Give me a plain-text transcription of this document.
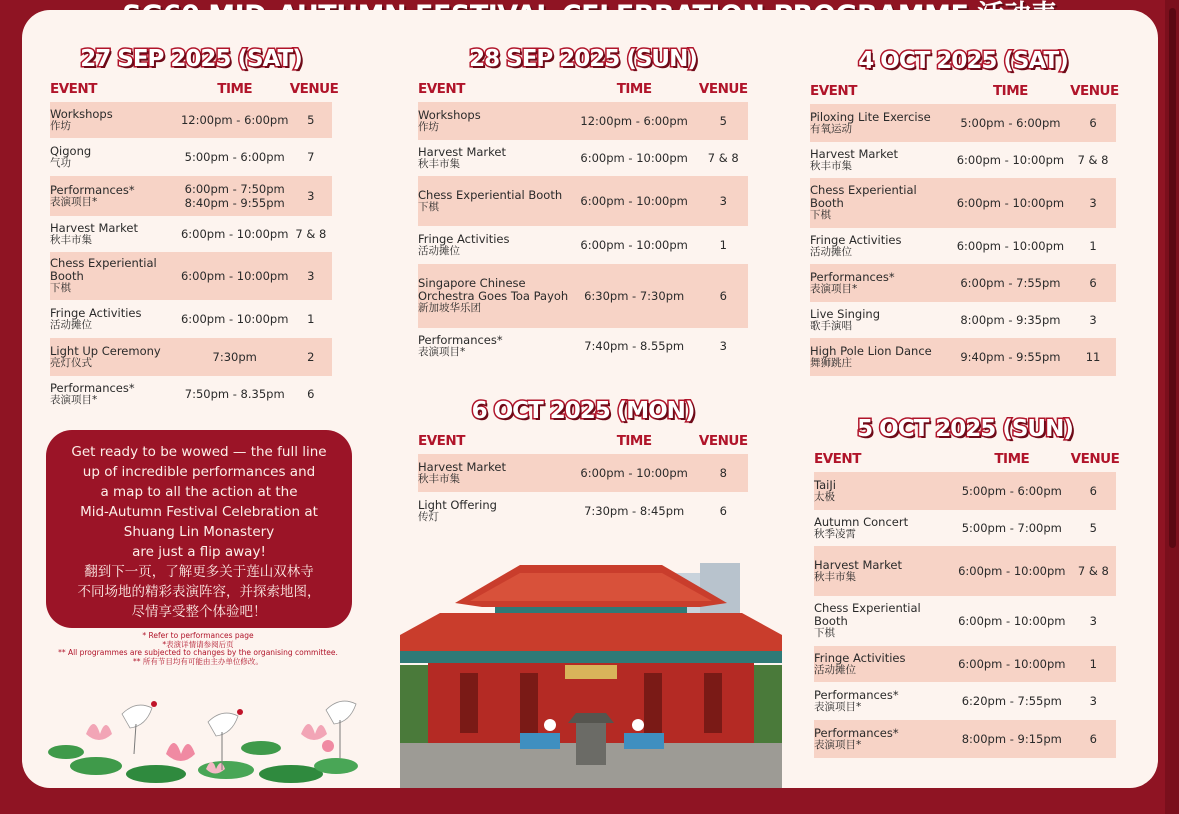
27 SEP 2025 (SAT)
EVENT	TIME	VENUE
Workshops
作坊	12:00pm - 6:00pm	5
Qigong
气功	5:00pm - 6:00pm	7
Performances*
表演项目*
6:00pm - 7:50pm
8:40pm - 9:55pm	3
Harvest Market
秋丰市集	6:00pm - 10:00pm 7 & 8
Chess Experiential Booth
下棋
6:00pm - 10:00pm	3
Fringe Activities
活动摊位	6:00pm - 10:00pm	1
Light Up Ceremony
亮灯仪式	7:30pm	2
Performances*
表演项目*	7:50pm - 8.35pm	6
28 SEP 2025 (SUN)
EVENT	TIME	VENUE
Workshops
作坊	12:00pm - 6:00pm	5
Harvest Market
秋丰市集	6:00pm - 10:00pm	7 & 8
Chess Experiential Booth
下棋	6:00pm - 10:00pm	3
Fringe Activities
活动摊位	6:00pm - 10:00pm	1
Singapore Chinese Orchestra Goes Toa Payoh
新加坡华乐团
6:30pm - 7:30pm	6
Performances*
表演项目*	7:40pm - 8.55pm	3
6 OCT 2025 (MON)
EVENT	TIME	VENUE
Harvest Market
秋丰市集	6:00pm - 10:00pm	8
Light Offering
传灯	7:30pm - 8:45pm	6
4 OCT 2025 (SAT)
EVENT	TIME	VENUE
Piloxing Lite Exercise
有氧运动	5:00pm - 6:00pm	6
Harvest Market
秋丰市集	6:00pm - 10:00pm	7 & 8
Chess Experiential Booth
下棋
6:00pm - 10:00pm	3
Fringe Activities
活动摊位	6:00pm - 10:00pm	1
Performances*
表演项目*	6:00pm - 7:55pm	6
Live Singing
歌手演唱	8:00pm - 9:35pm	3
High Pole Lion Dance
舞狮跳庄	9:40pm - 9:55pm	11
5 OCT 2025 (SUN)
EVENT	TIME	VENUE
TaiJi
太极	5:00pm - 6:00pm	6
Autumn Concert
秋季凌霄	5:00pm - 7:00pm	5
Harvest Market
秋丰市集	6:00pm - 10:00pm	7 & 8
Chess Experiential Booth
下棋
6:00pm - 10:00pm	3
Fringe Activities
活动摊位	6:00pm - 10:00pm	1
Performances*
表演项目*	6:20pm - 7:55pm	3
Performances*
表演项目*	8:00pm - 9:15pm	6
Get ready to be wowed — the full line
up of incredible performances and
a map to all the action at the
Mid-Autumn Festival Celebration at
Shuang Lin Monastery
are just a flip away!
翻到下一页，了解更多关于莲山双林寺
不同场地的精彩表演阵容，并探索地图，
尽情享受整个体验吧！
* Refer to performances page
*表演详情请参阅后页
** All programmes are subjected to changes by the organising committee.
** 所有节目均有可能由主办单位修改。
